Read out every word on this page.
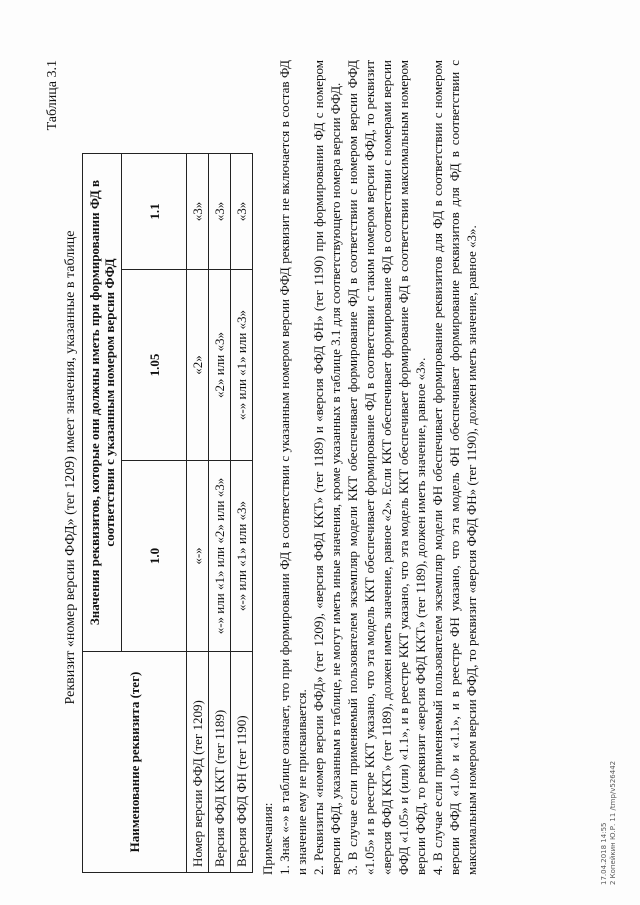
Таблица 3.1
Реквизит «номер версии ФФД» (тег 1209) имеет значения, указанные в таблице
Наименование реквизита (тег)	Значения реквизитов, которые они должны иметь при формировании ФД в соответствии с указанным номером версии ФФД		
	1.0	1.05	1.1
Номер версии ФФД (тег 1209)	«-»	«2»	«3»
Версия ФФД ККТ (тег 1189)	«-» или «1» или «2» или «3»	«2» или «3»	«3»
Версия ФФД ФН (тег 1190)	«-» или «1» или «3»	«-» или «1» или «3»	«3»

Примечания: 1. Знак «-» в таблице означает, что при формировании ФД в соответствии с указанным номером версии ФФД реквизит не включается в состав ФД и значение ему не присваивается. 2. Реквизиты «номер версии ФФД» (тег 1209), «версия ФФД ККТ» (тег 1189) и «версия ФФД ФН» (тег 1190) при формировании ФД с номером версии ФФД, указанным в таблице, не могут иметь иные значения, кроме указанных в таблице 3.1 для соответствующего номера версии ФФД. 3. В случае если применяемый пользователем экземпляр модели ККТ обеспечивает формирование ФД в соответствии с номером версии ФФД «1.05» и в реестре ККТ указано, что эта модель ККТ обеспечивает формирование ФД в соответствии с таким номером версии ФФД, то реквизит «версия ФФД ККТ» (тег 1189), должен иметь значение, равное «2». Если ККТ обеспечивает формирование ФД в соответствии с номерами версии ФФД «1.05» и (или) «1.1», и в реестре ККТ указано, что эта модель ККТ обеспечивает формирование ФД в соответствии максимальным номером версии ФФД, то реквизит «версия ФФД ККТ» (тег 1189), должен иметь значение, равное «3». 4. В случае если применяемый пользователем экземпляр модели ФН обеспечивает формирование реквизитов для ФД в соответствии с номером версии ФФД «1.0» и «1.1», и в реестре ФН указано, что эта модель ФН обеспечивает формирование реквизитов для ФД в соответствии с максимальным номером версии ФФД, то реквизит «версия ФФД ФН» (тег 1190), должен иметь значение, равное «3».	17.04.2018 14:55 2 Копейкин Ю.Р. 11 /tmp/v526442
